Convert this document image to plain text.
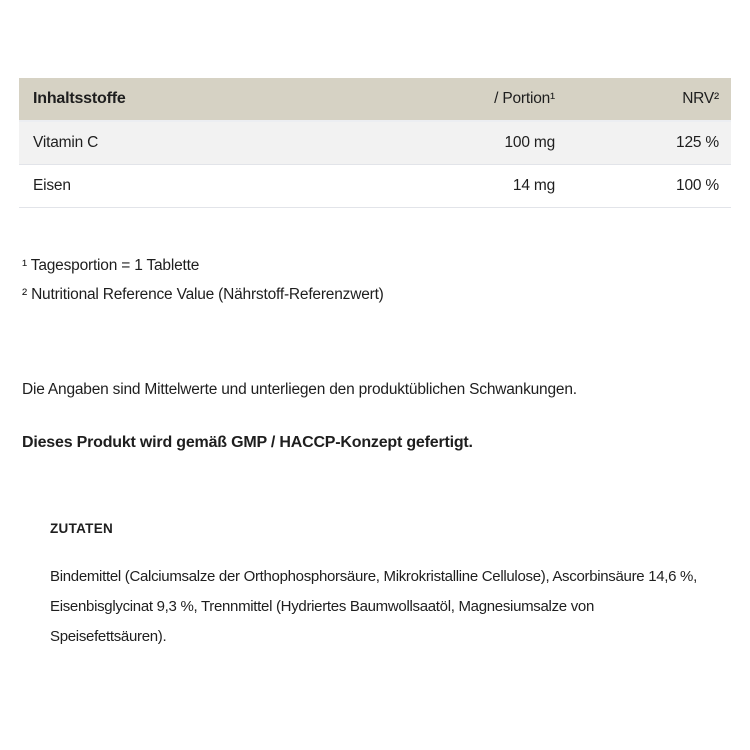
Inhaltsstoffe	/ Portion¹	NRV²
Vitamin C	100 mg	125 %
Eisen	14 mg	100 %
¹ Tagesportion = 1 Tablette
² Nutritional Reference Value (Nährstoff-Referenzwert)
Die Angaben sind Mittelwerte und unterliegen den produktüblichen Schwankungen.
Dieses Produkt wird gemäß GMP / HACCP-Konzept gefertigt.
ZUTATEN
Bindemittel (Calciumsalze der Orthophosphorsäure, Mikrokristalline Cellulose), Ascorbinsäure 14,6 %,
Eisenbisglycinat 9,3 %, Trennmittel (Hydriertes Baumwollsaatöl, Magnesiumsalze von Speisefettsäuren).
